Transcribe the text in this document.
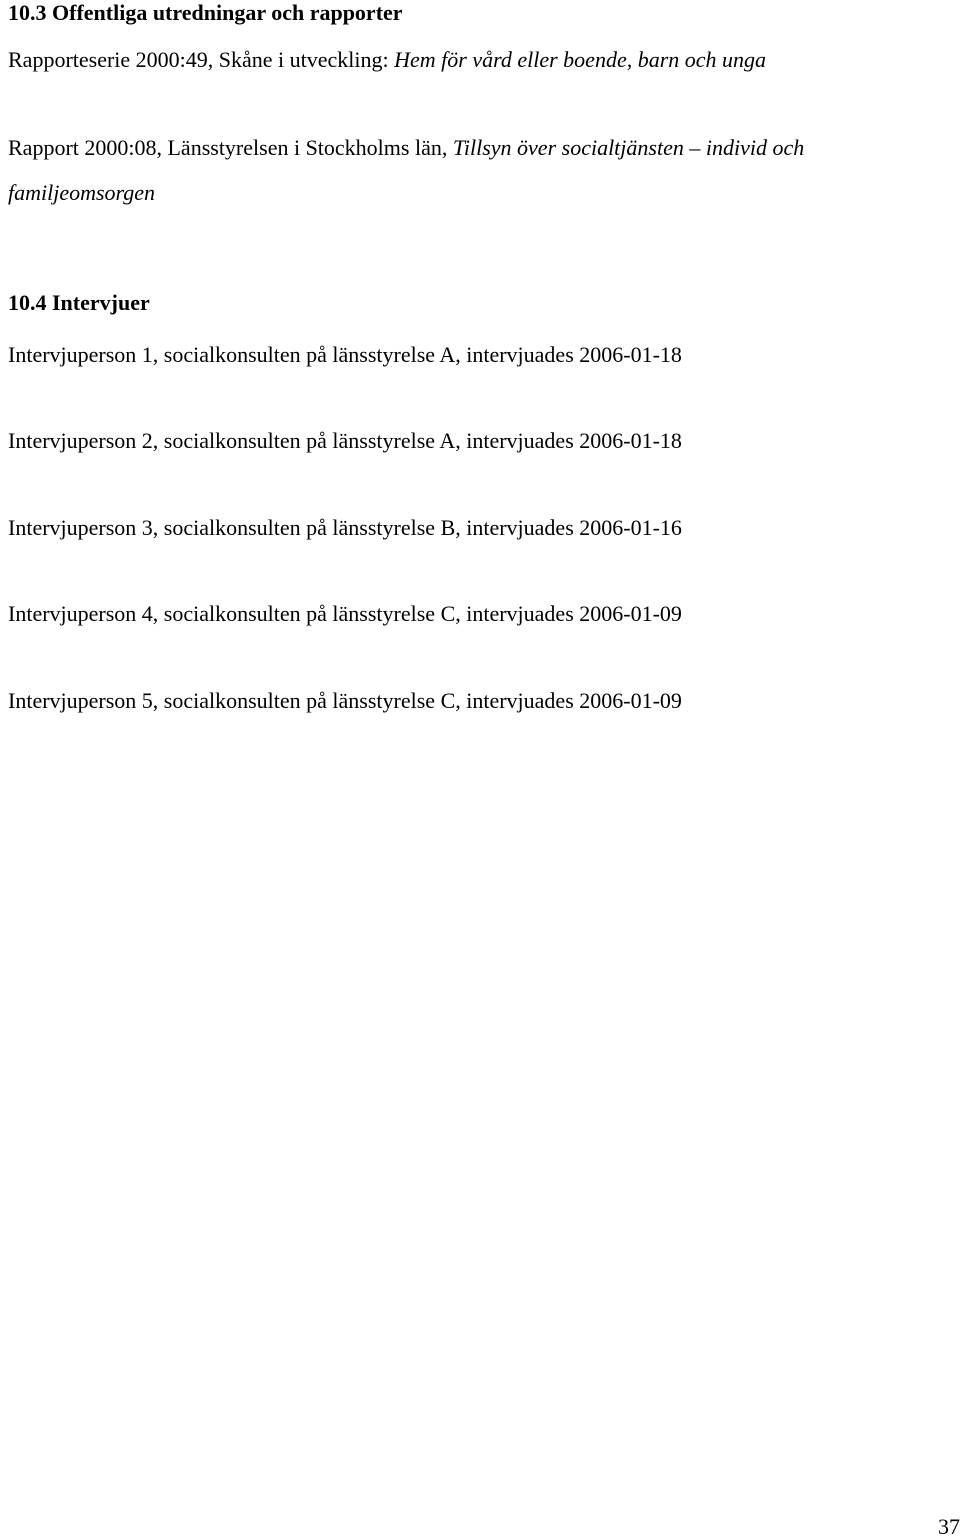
10.3 Offentliga utredningar och rapporter
Rapporteserie 2000:49, Skåne i utveckling: Hem för vård eller boende, barn och unga
Rapport 2000:08, Länsstyrelsen i Stockholms län, Tillsyn över socialtjänsten – individ och
familjeomsorgen
10.4 Intervjuer
Intervjuperson 1, socialkonsulten på länsstyrelse A, intervjuades 2006-01-18
Intervjuperson 2, socialkonsulten på länsstyrelse A, intervjuades 2006-01-18
Intervjuperson 3, socialkonsulten på länsstyrelse B, intervjuades 2006-01-16
Intervjuperson 4, socialkonsulten på länsstyrelse C, intervjuades 2006-01-09
Intervjuperson 5, socialkonsulten på länsstyrelse C, intervjuades 2006-01-09
37
